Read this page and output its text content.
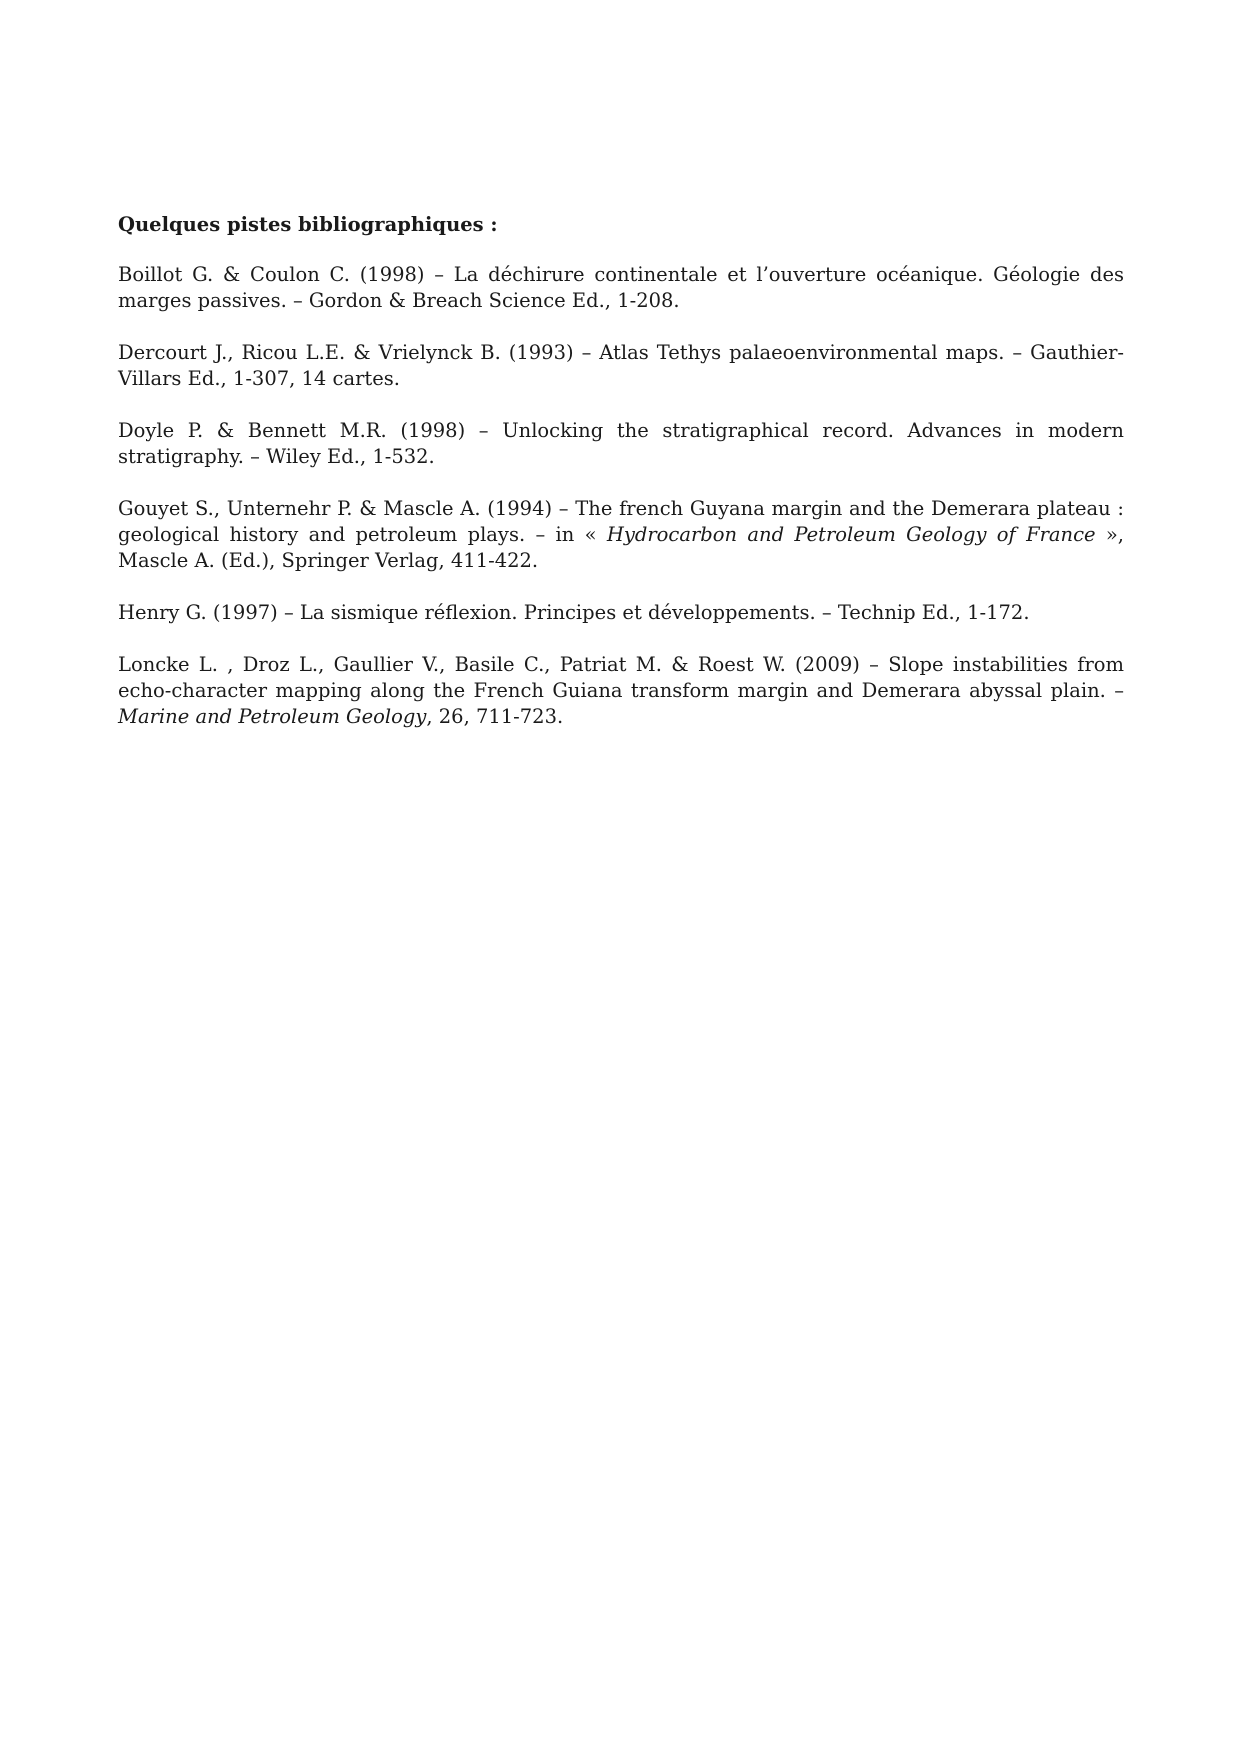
Quelques pistes bibliographiques :

Boillot G. & Coulon C. (1998) – La déchirure continentale et l’ouverture océanique. Géologie des marges passives. – Gordon & Breach Science Ed., 1-208.

Dercourt J., Ricou L.E. & Vrielynck B. (1993) – Atlas Tethys palaeoenvironmental maps. – Gauthier-Villars Ed., 1-307, 14 cartes.

Doyle P. & Bennett M.R. (1998) – Unlocking the stratigraphical record. Advances in modern stratigraphy. – Wiley Ed., 1-532.

Gouyet S., Unternehr P. & Mascle A. (1994) – The french Guyana margin and the Demerara plateau : geological history and petroleum plays. – in « Hydrocarbon and Petroleum Geology of France », Mascle A. (Ed.), Springer Verlag, 411-422.

Henry G. (1997) – La sismique réflexion. Principes et développements. – Technip Ed., 1-172.

Loncke L. , Droz L., Gaullier V., Basile C., Patriat M. & Roest W. (2009) – Slope instabilities from echo-character mapping along the French Guiana transform margin and Demerara abyssal plain. – Marine and Petroleum Geology, 26, 711-723.
